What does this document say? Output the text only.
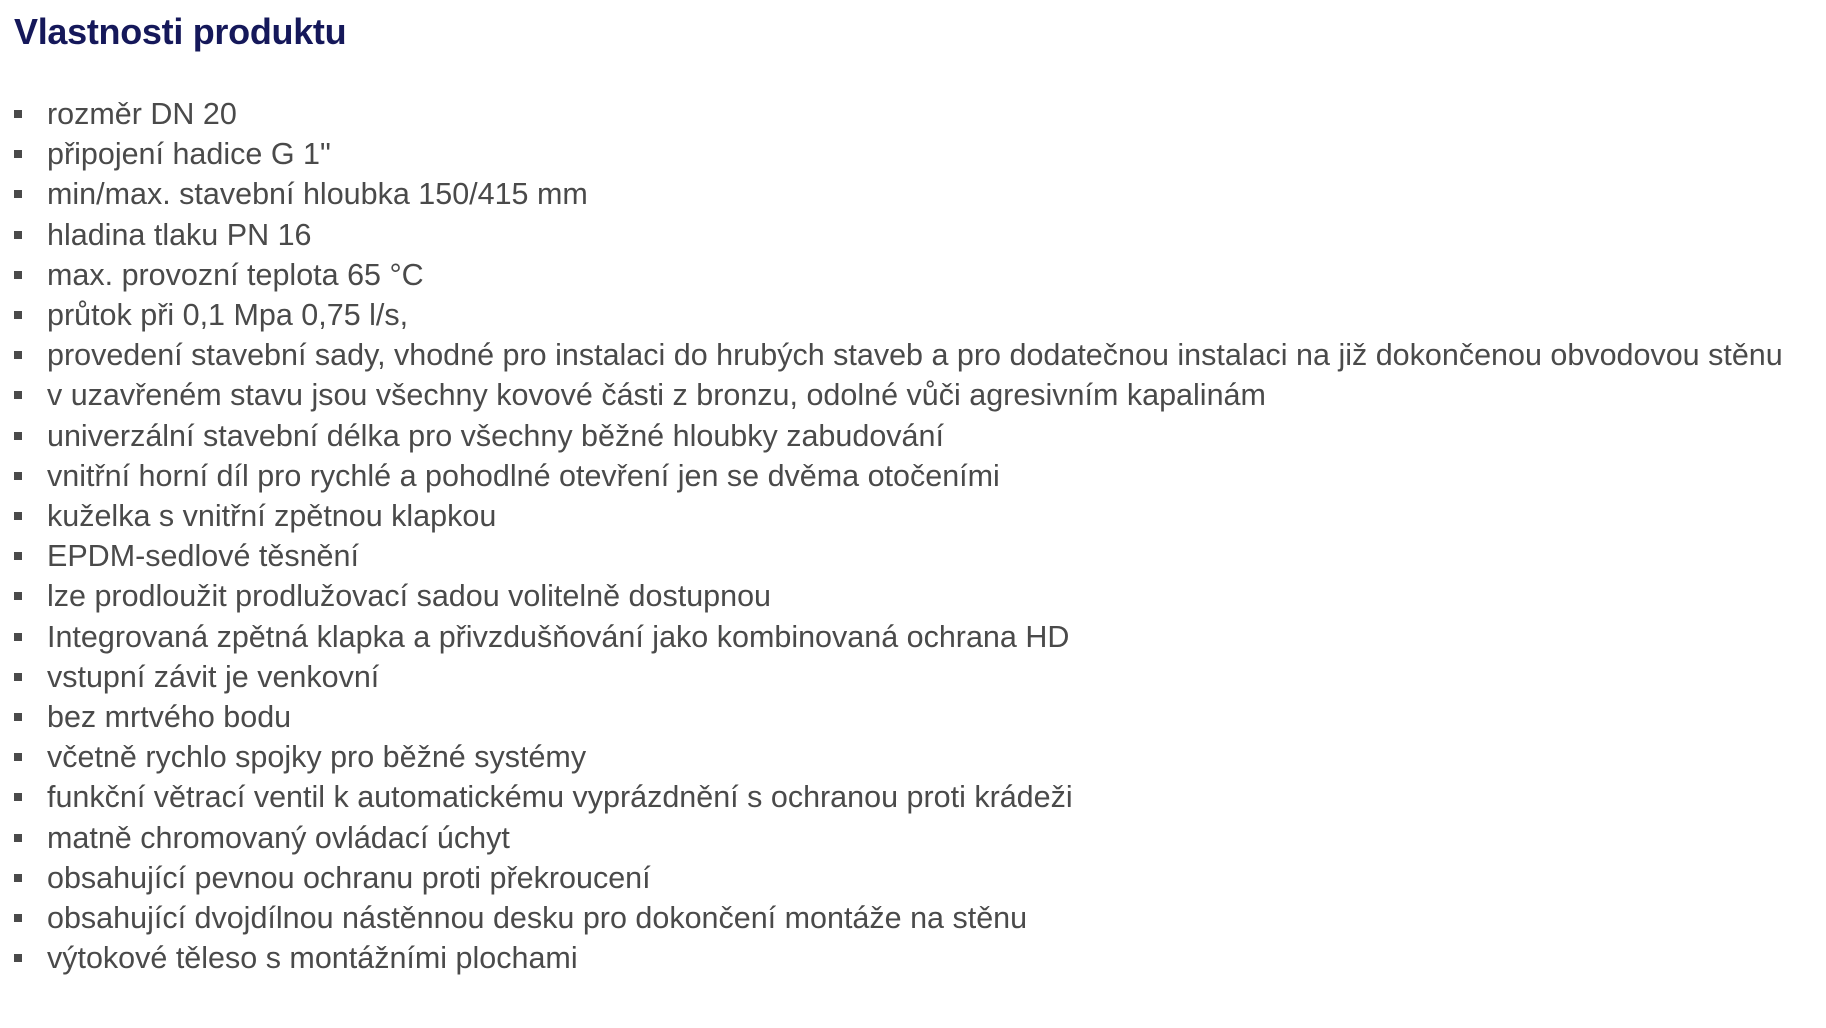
Vlastnosti produktu
rozměr DN 20
připojení hadice G 1"
min/max. stavební hloubka 150/415 mm
hladina tlaku PN 16
max. provozní teplota 65 °C
průtok při 0,1 Mpa 0,75 l/s,
provedení stavební sady, vhodné pro instalaci do hrubých staveb a pro dodatečnou instalaci na již dokončenou obvodovou stěnu
v uzavřeném stavu jsou všechny kovové části z bronzu, odolné vůči agresivním kapalinám
univerzální stavební délka pro všechny běžné hloubky zabudování
vnitřní horní díl pro rychlé a pohodlné otevření jen se dvěma otočeními
kuželka s vnitřní zpětnou klapkou
EPDM-sedlové těsnění
lze prodloužit prodlužovací sadou volitelně dostupnou
Integrovaná zpětná klapka a přivzdušňování jako kombinovaná ochrana HD
vstupní závit je venkovní
bez mrtvého bodu
včetně rychlo spojky pro běžné systémy
funkční větrací ventil k automatickému vyprázdnění s ochranou proti krádeži
matně chromovaný ovládací úchyt
obsahující pevnou ochranu proti překroucení
obsahující dvojdílnou nástěnnou desku pro dokončení montáže na stěnu
výtokové těleso s montážními plochami
